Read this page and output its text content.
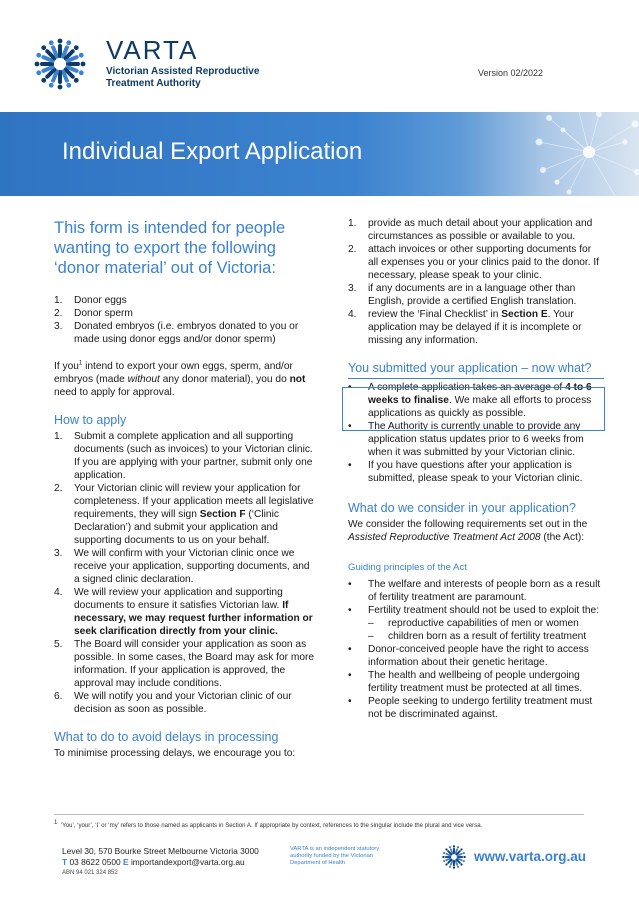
VARTA
Victorian Assisted Reproductive
Treatment Authority
Version 02/2022
Individual Export Application
This form is intended for people wanting to export the following ‘donor material’ out of Victoria:
1.	Donor eggs
2.	Donor sperm
3.	Donated embryos (i.e. embryos donated to you or made using donor eggs and/or donor sperm)

If you$^1$ intend to export your own eggs, sperm, and/or embryos (made without any donor material), you do not need to apply for approval.

How to apply
1.	Submit a complete application and all supporting documents (such as invoices) to your Victorian clinic. If you are applying with your partner, submit only one application.
2.	Your Victorian clinic will review your application for completeness. If your application meets all legislative requirements, they will sign Section F (‘Clinic Declaration’) and submit your application and supporting documents to us on your behalf.
3.	We will confirm with your Victorian clinic once we receive your application, supporting documents, and a signed clinic declaration.
4.	We will review your application and supporting documents to ensure it satisfies Victorian law. If necessary, we may request further information or seek clarification directly from your clinic.
5.	The Board will consider your application as soon as possible. In some cases, the Board may ask for more information. If your application is approved, the approval may include conditions.
6.	We will notify you and your Victorian clinic of our decision as soon as possible.
What to do to avoid delays in processing

To minimise processing delays, we encourage you to:

1.	provide as much detail about your application and circumstances as possible or available to you.
2.	attach invoices or other supporting documents for all expenses you or your clinics paid to the donor. If necessary, please speak to your clinic.
3.	if any documents are in a language other than English, provide a certified English translation.
4.	review the ‘Final Checklist’ in Section E. Your application may be delayed if it is incomplete or missing any information.
You submitted your application – now what?
•	A complete application takes an average of 4 to 6 weeks to finalise. We make all efforts to process applications as quickly as possible.
•	The Authority is currently unable to provide any application status updates prior to 6 weeks from when it was submitted by your Victorian clinic.
•	If you have questions after your application is submitted, please speak to your Victorian clinic.
What do we consider in your application?

We consider the following requirements set out in the Assisted Reproductive Treatment Act 2008 (the Act):

Guiding principles of the Act
•	The welfare and interests of people born as a result of fertility treatment are paramount.
•	Fertility treatment should not be used to exploit the:
–	reproductive capabilities of men or women
–	children born as a result of fertility treatment
•	Donor-conceived people have the right to access information about their genetic heritage.
•	The health and wellbeing of people undergoing fertility treatment must be protected at all times.
•	People seeking to undergo fertility treatment must not be discriminated against.
$^1$ ‘You’, ‘your’, ‘I’ or ‘my’ refers to those named as applicants in Section A. If appropriate by context, references to the singular include the plural and vice versa.
Level 30, 570 Bourke Street Melbourne Victoria 3000
T 03 8622 0500 E importandexport@varta.org.au
ABN 94 021 324 852
VARTA is an independent statutory authority funded by the Victorian Department of Health	www.varta.org.au
